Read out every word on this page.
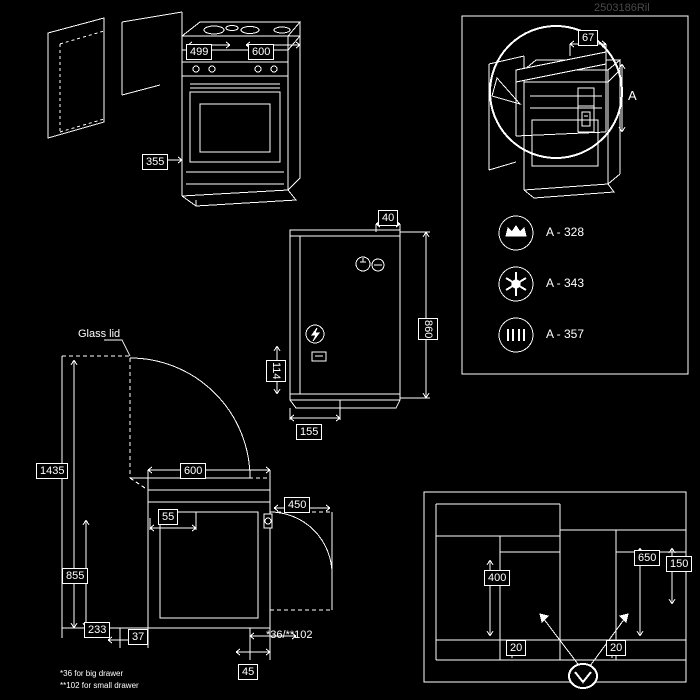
2503186Ril
499	600
355
67
A
A - 328
A - 343
A - 357
40
860
114
155
Glass lid
1435
855
600
450
55
233
37	*36/**102
45
*36 for big drawer
**102 for small drawer
400
650	150
20	20
